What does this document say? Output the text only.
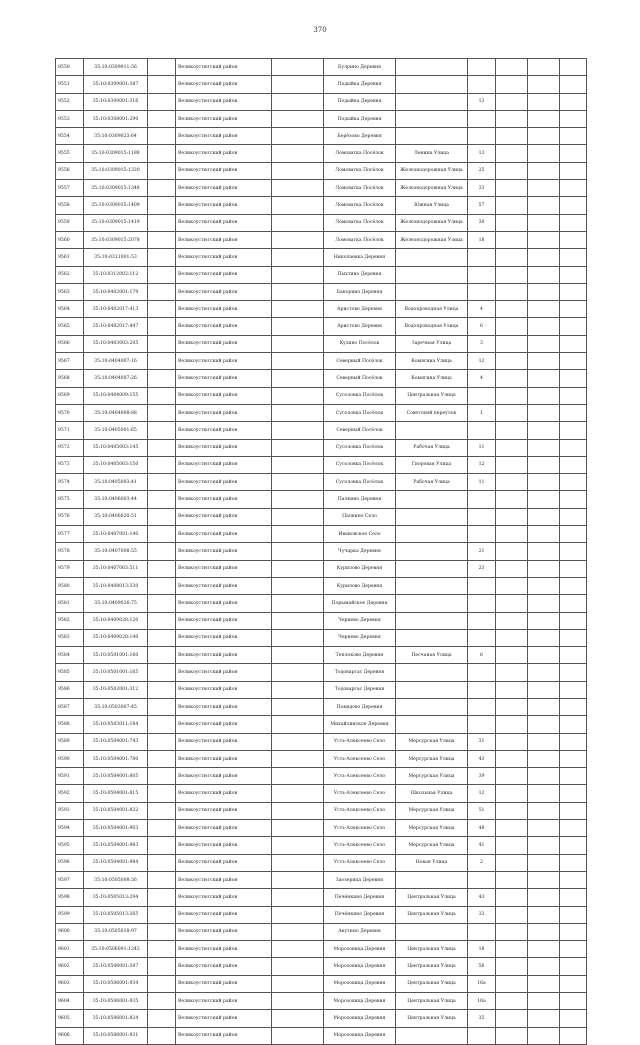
370
9550	35:10:0309011:56		Великоустюгский район		Булрино Деревня					
9551	35:10:0309001:387		Великоустюгский район		Подыйка Деревня					
9552	35:10:0309001:316		Великоустюгский район		Подыйка Деревня		13			
9553	35:10:0308001:290		Великоустюгский район		Подыйка Деревня					
9554	35:10:0309023:64		Великоустюгский район		Берёзово Деревня					
9555	35:10:0309015:1188		Великоустюгский район		Ломоватка Посёлок	Ленина Улица	13			
9556	35:10:0309015:1320		Великоустюгский район		Ломоватка Посёлок	Железнодорожная Улица	25			
9557	35:10:0309015:1348		Великоустюгский район		Ломоватка Посёлок	Железнодорожная Улица	33			
9558	35:10:0309015:1409		Великоустюгский район		Ломоватка Посёлок	Южная Улица	57			
9559	35:10:0309015:1419		Великоустюгский район		Ломоватка Посёлок	Железнодорожная Улица	30			
9560	35:10:0309015:2078		Великоустюгский район		Ломоватка Посёлок	Железнодорожная Улица	18			
9561	35:10:0311001:53		Великоустюгский район		Николаевка Деревня					
9562	35:10:0312002:112		Великоустюгский район		Пыхтино Деревня					
9563	35:10:0402001:179		Великоустюгский район		Бакорино Деревня					
9564	35:10:0402017:413		Великоустюгский район		Аристово Деревня	Водопроводная Улица	4			
9565	35:10:0402017:447		Великоустюгский район		Аристово Деревня	Водопроводная Улица	6			
9566	35:10:0403003:205		Великоустюгский район		Кузино Посёлок	Заречная Улица	3			
9567	35:10:0404007:16		Великоустюгский район		Северный Посёлок	Комягина Улица	12			
9568	35:10:0404007:26		Великоустюгский район		Северный Посёлок	Комягина Улица	4			
9569	35:10:0404009:155		Великоустюгский район		Сусоловка Посёлок	Центральная Улица				
9570	35:10:0404008:88		Великоустюгский район		Сусоловка Посёлок	Советский переулок	1			
9571	35:10:0405001:65		Великоустюгский район		Северный Посёлок					
9572	35:10:0405003:145		Великоустюгский район		Сусоловка Посёлок	Рабочая Улица	11			
9573	35:10:0405003:150		Великоустюгский район		Сусоловка Посёлок	Гиоровая Улица	12			
9574	35:10:0405003:41		Великоустюгский район		Сусоловка Посёлок	Рабочая Улица	11			
9575	35:10:0406003:44		Великоустюгский район		Палкино Деревня					
9576	35:10:0406020:51		Великоустюгский район		Палкино Село					
9577	35:10:0407001:140		Великоустюгский район		Ивановское Село					
9578	35:10:0407008:55		Великоустюгский район		Чучарка Деревня		21			
9579	35:10:0407003:511		Великоустюгский район		Курилово Деревня		23			
9580	35:10:0408013:330		Великоустюгский район		Курилово Деревня					
9581	35:10:0409026:75		Великоустюгский район		Порымайское Деревня					
9582	35:10:0409028:120		Великоустюгский район		Чернево Деревня					
9583	35:10:0409028:140		Великоустюгский район		Чернево Деревня					
9584	35:10:0501001:160		Великоустюгский район		Теплоково Деревня	Песчаная Улица	6			
9585	35:10:0501001:165		Великоустюгский район		Тодоваргас Деревня					
9586	35:10:0502001:312		Великоустюгский район		Тодоваргас Деревня					
9587	35:10:0503007:45		Великоустюгский район		Покидово Деревня					
9588	35:10:0503011:184		Великоустюгский район		Михайлинское Деревня					
9589	35:10:0504001:743		Великоустюгский район		Усть-Алексеево Село	Мерсурская Улица	31			
9590	35:10:0504001:780		Великоустюгский район		Усть-Алексеево Село	Мерсурская Улица	43			
9591	35:10:0504001:805		Великоустюгский район		Усть-Алексеево Село	Мерсурская Улица	39			
9592	35:10:0504001:815		Великоустюгский район		Усть-Алексеево Село	Школьная Улица	12			
9593	35:10:0504001:822		Великоустюгский район		Усть-Алексеево Село	Мерсурская Улица	51			
9594	35:10:0504001:903		Великоустюгский район		Усть-Алексеево Село	Мерсурская Улица	48			
9595	35:10:0504001:983		Великоустюгский район		Усть-Алексеево Село	Мерсурская Улица	41			
9596	35:10:0504001:984		Великоустюгский район		Усть-Алексеево Село	Новая Улица	2			
9597	35:10:0505008:56		Великоустюгский район		Заозерица Деревня					
9598	35:10:0505013:294		Великоустюгский район		Печёнкино Деревня	Центральная Улица	43			
9599	35:10:0505013:265		Великоустюгский район		Печёнкино Деревня	Центральная Улица	33			
9600	35:10:0505018:97		Великоустюгский район		Акутино Деревня					
9601	35:10:0506001:1243		Великоустюгский район		Морозовица Деревня	Центральная Улица	18			
9602	35:10:0506001:387		Великоустюгский район		Морозовица Деревня	Центральная Улица	56			
9603	35:10:0506001:934		Великоустюгский район		Морозовица Деревня	Центральная Улица	16а			
9604	35:10:0506001:935		Великоустюгский район		Морозовица Деревня	Центральная Улица	16а			
9605	35:10:0506001:824		Великоустюгский район		Морозовица Деревня	Центральная Улица	35			
9606	35:10:0506001:931		Великоустюгский район		Морозовица Деревня					
